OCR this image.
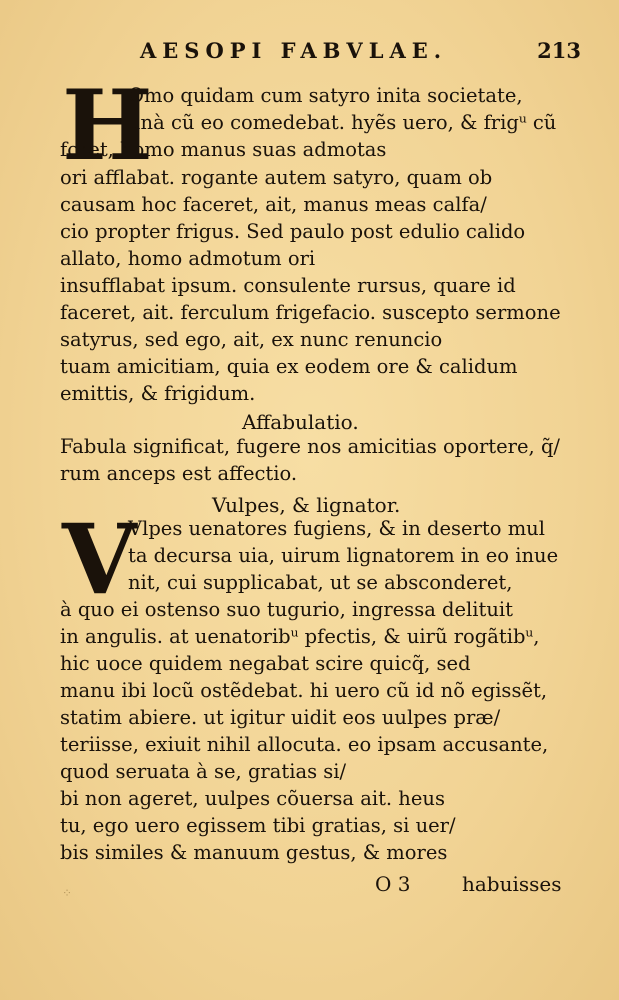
AESOPI FABVLAE.	213
H
Omo quidam cum satyro inita societate,
unà cũ eo comedebat. hyẽs uero, & frigᵘ cũ
foret, homo manus suas admotas
ori afflabat. rogante autem satyro, quam ob
causam hoc faceret, ait, manus meas calfa/
cio propter frigus. Sed paulo post edulio calido
allato, homo admotum ori
insufflabat ipsum. consulente rursus, quare id
faceret, ait. ferculum frigefacio. suscepto sermone
satyrus, sed ego, ait, ex nunc renuncio
tuam amicitiam, quia ex eodem ore & calidum
emittis, & frigidum.
Affabulatio.
Fabula significat, fugere nos amicitias oportere, q̃/
rum anceps est affectio.
Vulpes, & lignator.
V
Vlpes uenatores fugiens, & in deserto mul
ta decursa uia, uirum lignatorem in eo inue
nit, cui supplicabat, ut se absconderet,
à quo ei ostenso suo tugurio, ingressa delituit
in angulis. at uenatoribᵘ pfectis, & uirũ rogãtibᵘ,
hic uoce quidem negabat scire quicq̃, sed
manu ibi locũ ostẽdebat. hi uero cũ id nõ egissẽt,
statim abiere. ut igitur uidit eos uulpes præ/
teriisse, exiuit nihil allocuta. eo ipsam accusante,
quod seruata à se, gratias si/
bi non ageret, uulpes cõuersa ait. heus
tu, ego uero egissem tibi gratias, si uer/
bis similes & manuum gestus, & mores
⁘	O 3	habuisses
